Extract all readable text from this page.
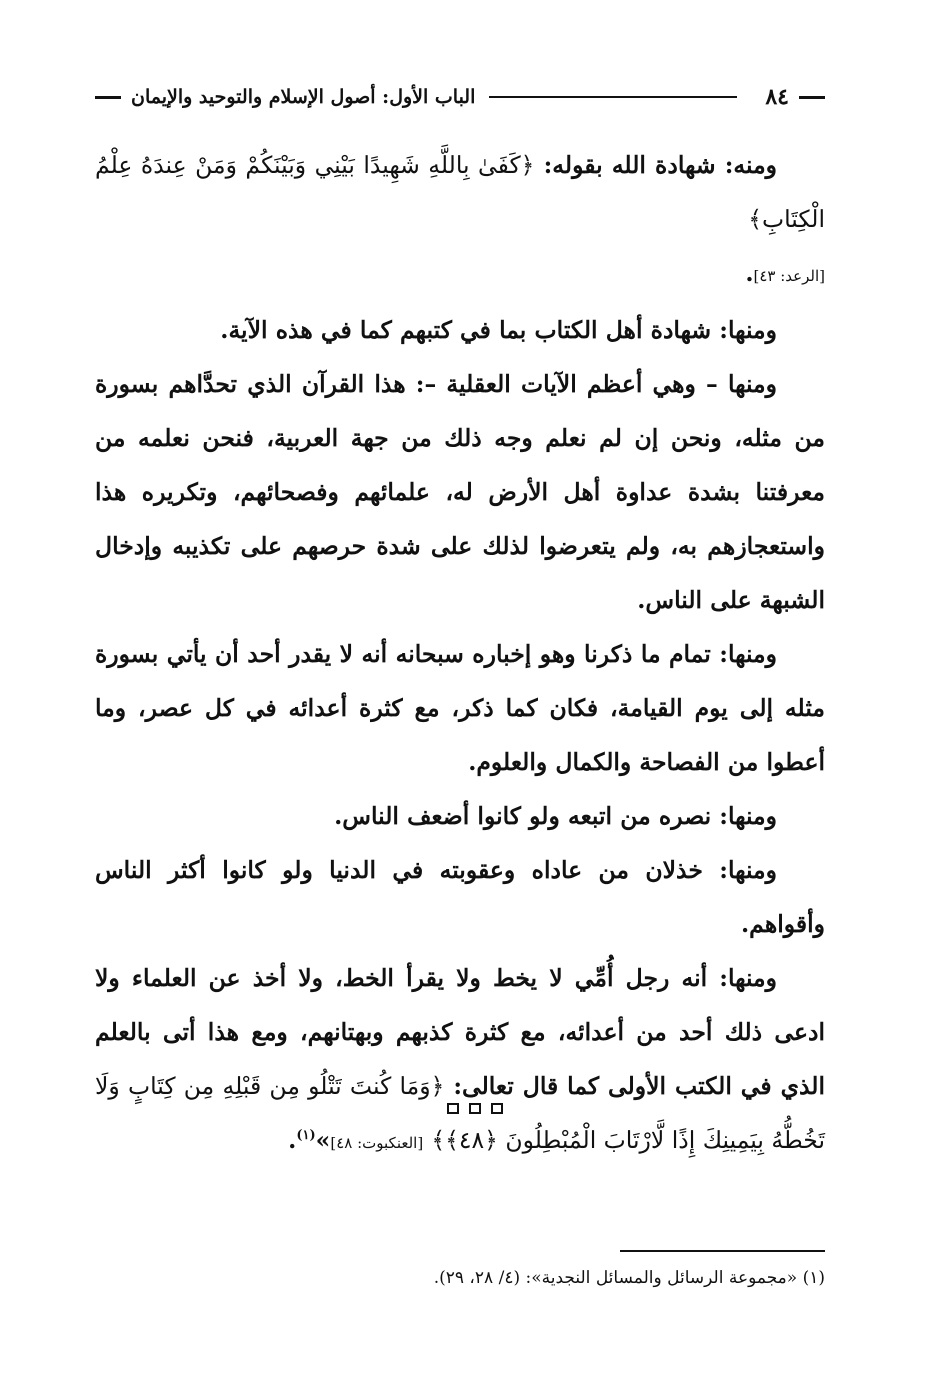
٨٤
الباب الأول: أصول الإسلام والتوحيد والإيمان

ومنه: شهادة الله بقوله: ﴿كَفَىٰ بِاللَّهِ شَهِيدًا بَيْنِي وَبَيْنَكُمْ وَمَنْ عِندَهُ عِلْمُ الْكِتَابِ﴾
[الرعد: ٤٣].

ومنها: شهادة أهل الكتاب بما في كتبهم كما في هذه الآية.

ومنها – وهي أعظم الآيات العقلية –: هذا القرآن الذي تحدَّاهم بسورة من مثله، ونحن إن لم نعلم وجه ذلك من جهة العربية، فنحن نعلمه من معرفتنا بشدة عداوة أهل الأرض له، علمائهم وفصحائهم، وتكريره هذا واستعجازهم به، ولم يتعرضوا لذلك على شدة حرصهم على تكذيبه وإدخال الشبهة على الناس.

ومنها: تمام ما ذكرنا وهو إخباره سبحانه أنه لا يقدر أحد أن يأتي بسورة مثله إلى يوم القيامة، فكان كما ذكر، مع كثرة أعدائه في كل عصر، وما أعطوا من الفصاحة والكمال والعلوم.

ومنها: نصره من اتبعه ولو كانوا أضعف الناس.

ومنها: خذلان من عاداه وعقوبته في الدنيا ولو كانوا أكثر الناس وأقواهم.

ومنها: أنه رجل أُمِّي لا يخط ولا يقرأ الخط، ولا أخذ عن العلماء ولا ادعى ذلك أحد من أعدائه، مع كثرة كذبهم وبهتانهم، ومع هذا أتى بالعلم الذي في الكتب الأولى كما قال تعالى: ﴿وَمَا كُنتَ تَتْلُو مِن قَبْلِهِ مِن كِتَابٍ وَلَا تَخُطُّهُ بِيَمِينِكَ إِذًا لَّارْتَابَ الْمُبْطِلُونَ ﴿٤٨﴾﴾ [العنكبوت: ٤٨]»$^{(١)}$.

(١) «مجموعة الرسائل والمسائل النجدية»: (٤/ ٢٨، ٢٩).
